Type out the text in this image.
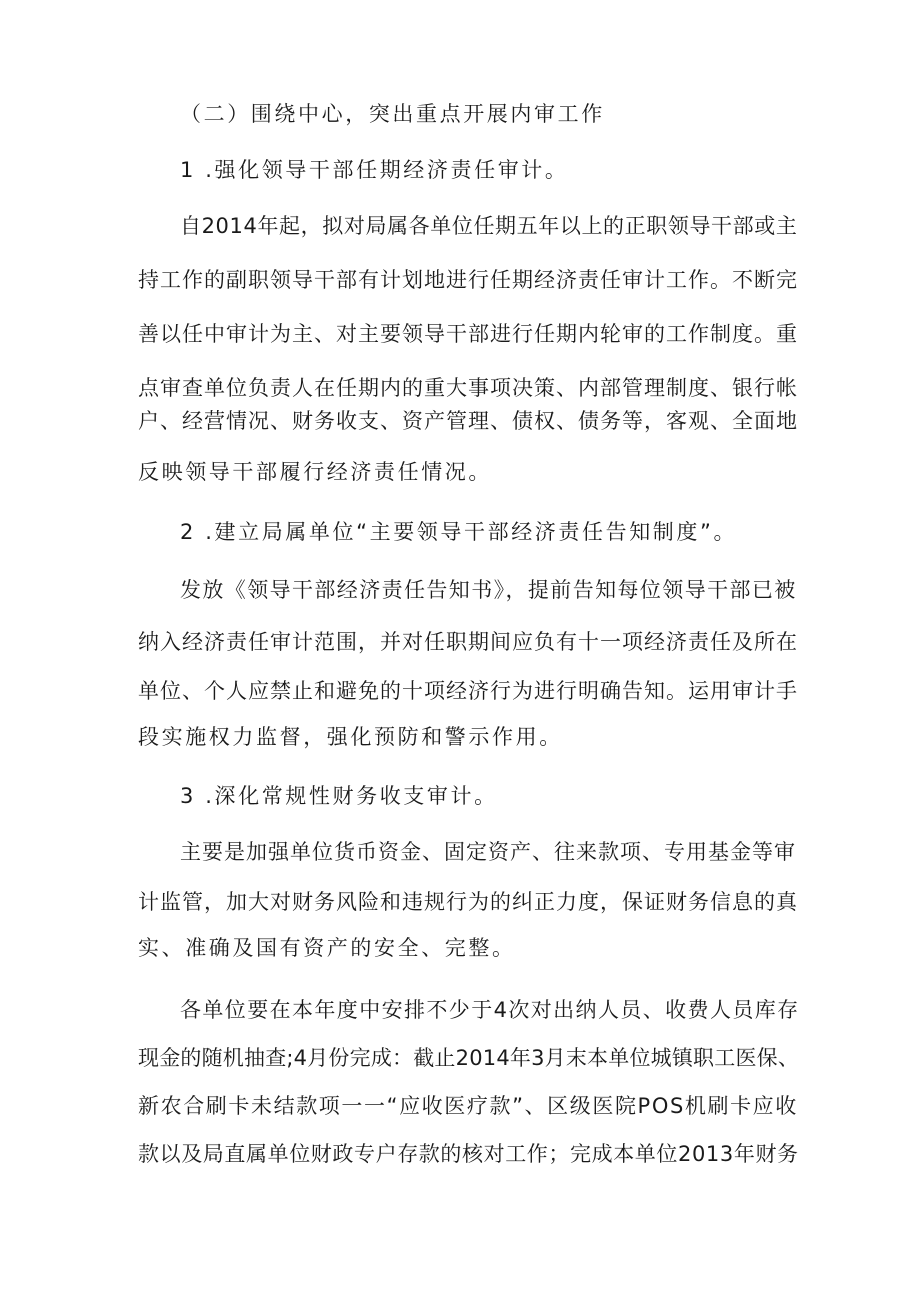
（二）围绕中心，突出重点开展内审工作
1 .强化领导干部任期经济责任审计。
自2014年起，拟对局属各单位任期五年以上的正职领导干部或主
持工作的副职领导干部有计划地进行任期经济责任审计工作。不断完
善以任中审计为主、对主要领导干部进行任期内轮审的工作制度。重
点审查单位负责人在任期内的重大事项决策、内部管理制度、银行帐
户、经营情况、财务收支、资产管理、债权、债务等，客观、全面地
反映领导干部履行经济责任情况。
2 .建立局属单位“主要领导干部经济责任告知制度”。
发放《领导干部经济责任告知书》，提前告知每位领导干部已被
纳入经济责任审计范围，并对任职期间应负有十一项经济责任及所在
单位、个人应禁止和避免的十项经济行为进行明确告知。运用审计手
段实施权力监督，强化预防和警示作用。
3 .深化常规性财务收支审计。
主要是加强单位货币资金、固定资产、往来款项、专用基金等审
计监管，加大对财务风险和违规行为的纠正力度，保证财务信息的真
实、准确及国有资产的安全、完整。
各单位要在本年度中安排不少于4次对出纳人员、收费人员库存
现金的随机抽查;4月份完成：截止2014年3月末本单位城镇职工医保、
新农合刷卡未结款项一一“应收医疗款”、区级医院POS机刷卡应收
款以及局直属单位财政专户存款的核对工作；完成本单位2013年财务
